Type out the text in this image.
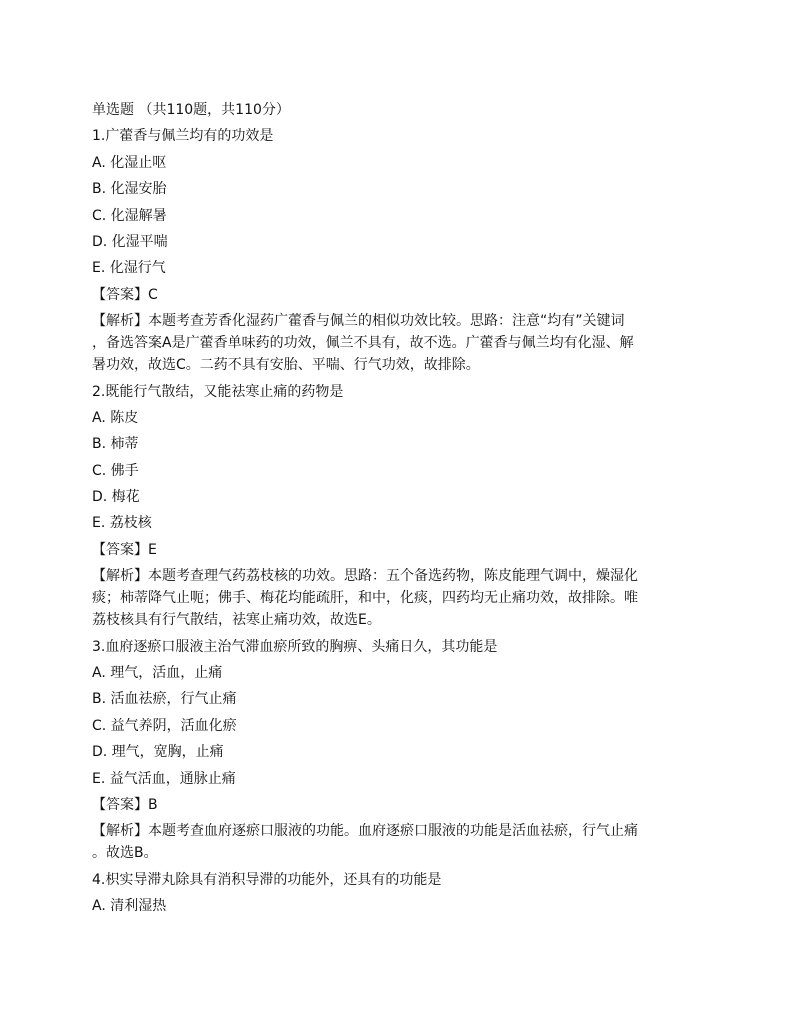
单选题 （共110题，共110分）

1.广藿香与佩兰均有的功效是

A. 化湿止呕

B. 化湿安胎

C. 化湿解暑

D. 化湿平喘

E. 化湿行气

【答案】C

【解析】本题考查芳香化湿药广藿香与佩兰的相似功效比较。思路：注意“均有”关键词
，备选答案A是广藿香单味药的功效，佩兰不具有，故不选。广藿香与佩兰均有化湿、解
暑功效，故选C。二药不具有安胎、平喘、行气功效，故排除。

2.既能行气散结，又能祛寒止痛的药物是

A. 陈皮

B. 柿蒂

C. 佛手

D. 梅花

E. 荔枝核

【答案】E

【解析】本题考查理气药荔枝核的功效。思路：五个备选药物，陈皮能理气调中，燥湿化
痰；柿蒂降气止呃；佛手、梅花均能疏肝，和中，化痰，四药均无止痛功效，故排除。唯
荔枝核具有行气散结，祛寒止痛功效，故选E。

3.血府逐瘀口服液主治气滞血瘀所致的胸痹、头痛日久，其功能是

A. 理气，活血，止痛

B. 活血祛瘀，行气止痛

C. 益气养阴，活血化瘀

D. 理气，宽胸，止痛

E. 益气活血，通脉止痛

【答案】B

【解析】本题考查血府逐瘀口服液的功能。血府逐瘀口服液的功能是活血祛瘀，行气止痛
。故选B。

4.枳实导滞丸除具有消积导滞的功能外，还具有的功能是

A. 清利湿热
